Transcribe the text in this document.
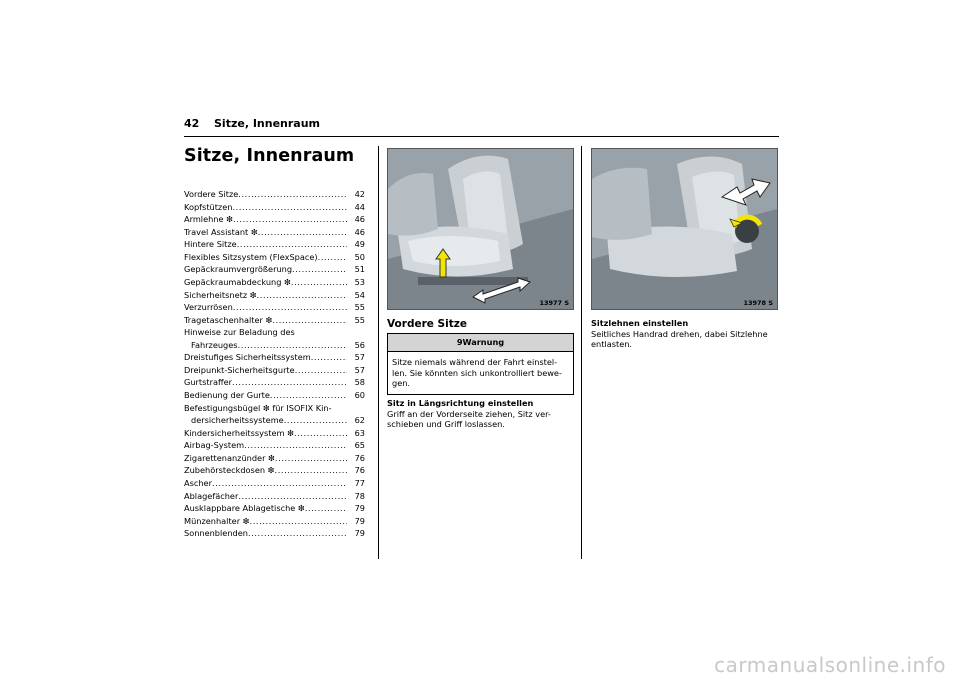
42 Sitze, Innenraum
Sitze, Innenraum
Vordere Sitze .....	42
Kopfstützen .....	44
Armlehne ❇ .....	46
Travel Assistant ❇ .....	46
Hintere Sitze .....	49
Flexibles Sitzsystem (FlexSpace) .....	50
Gepäckraumvergrößerung .....	51
Gepäckraumabdeckung ❇ .....	53
Sicherheitsnetz ❇ .....	54
Verzurrösen .....	55
Tragetaschenhalter ❇ .....	55
Hinweise zur Beladung des
Fahrzeuges .....	56
Dreistufiges Sicherheitssystem .....	57
Dreipunkt-Sicherheitsgurte .....	57
Gurtstraffer .....	58
Bedienung der Gurte .....	60
Befestigungsbügel ❇ für ISOFIX Kin-
dersicherheitssysteme .....	62
Kindersicherheitssystem ❇ .....	63
Airbag-System .....	65
Zigarettenanzünder ❇ .....	76
Zubehörsteckdosen ❇ .....	76
Ascher .....	77
Ablagefächer .....	78
Ausklappbare Ablagetische ❇ .....	79
Münzenhalter ❇ .....	79
Sonnenblenden .....	79
13977 S	13978 S
Vordere Sitze
9Warnung
Sitze niemals während der Fahrt einstel-len. Sie könnten sich unkontrolliert bewe-gen.
Sitz in Längsrichtung einstellen
Griff an der Vorderseite ziehen, Sitz ver-schieben und Griff loslassen.
Sitzlehnen einstellen
Seitliches Handrad drehen, dabei Sitzlehne entlasten.
carmanualsonline.info
